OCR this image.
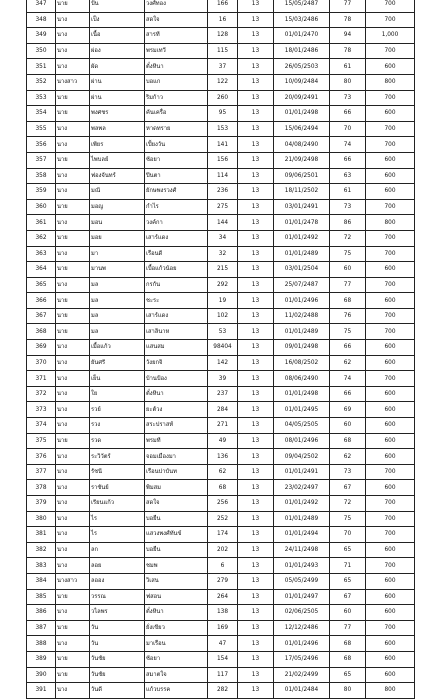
347	นาย	ปั่น	วงศ์ทอง	166	13	15/05/2487	77	700
348	นาง	เป็ง	สดใจ	16	13	15/03/2486	78	700
349	นาง	เนื้อ	สารที	128	13	01/01/2470	94	1,000
350	นาง	ผ่อง	พรมเทวี	115	13	18/01/2486	78	700
351	นาง	ผัด	ตั๋งหินา	37	13	26/05/2503	61	600
352	นางสาว	ผ่าน	บอแก	122	13	10/09/2484	80	800
353	นาย	ผ่าน	ริมก้าว	260	13	20/09/2491	73	700
354	นาย	พงศชร	คันเครื่อ	95	13	01/01/2498	66	600
355	นาง	พลพล	หาดทราย	153	13	15/06/2494	70	700
356	นาง	เพียร	เปี้ยงวัน	141	13	04/08/2490	74	700
357	นาย	ไพบลย์	ซ้อยา	156	13	21/09/2498	66	600
358	นาง	ฟองจันทร์	ปีนตา	114	13	09/06/2501	63	600
359	นาง	มณี	ยักษพงรวงศ์	236	13	18/11/2502	61	600
360	นาย	มอญ	กำไร	275	13	03/01/2491	73	700
361	นาง	มอน	วงค์กา	144	13	01/01/2478	86	800
362	นาย	มอย	เสาร์แดง	34	13	01/01/2492	72	700
363	นาง	มา	เรือนดี	32	13	01/01/2489	75	700
364	นาย	มานพ	เบื้อแก้วน้อย	215	13	03/01/2504	60	600
365	นาง	มล	กรกัน	292	13	25/07/2487	77	700
366	นาย	มล	ชะระ	19	13	01/01/2496	68	600
367	นาย	มล	เสาร์แดง	102	13	11/02/2488	76	700
368	นาย	มล	เสาลินาห	53	13	01/01/2489	75	700
369	นาง	เมื้อแก้ว	แสนสม	98404	13	09/01/2498	66	600
370	นาง	ยันศรี	วังยกจิ	142	13	16/08/2502	62	600
371	นาง	เย็น	บ้านป้อง	39	13	08/06/2490	74	700
372	นาง	ใย	ตั๋งหินา	237	13	01/01/2498	66	600
373	นาง	รวย์	ยะต้วง	284	13	01/01/2495	69	600
374	นาง	รวง	สระปราสท์	271	13	04/05/2505	60	600
375	นาย	รวด	พรมที	49	13	08/01/2496	68	600
376	นาง	ระวิวัตร์	จอมเมืองมา	136	13	09/04/2502	62	600
377	นาง	รัชนี	เรือนปาบันท	62	13	01/01/2491	73	700
378	นาง	ราชันย์	พิมสม	68	13	23/02/2497	67	600
379	นาง	เรียนแก้ว	สดใจ	256	13	01/01/2492	72	700
380	นาง	ไร	บอยืน	252	13	01/01/2489	75	700
381	นาง	ไร	แสวงพงศ์ทันข์	174	13	01/01/2494	70	700
382	นาง	ลก	บอยืน	202	13	24/11/2498	65	600
383	นาง	ลอย	ชมพ	6	13	01/01/2493	71	700
384	นางสาว	ลออง	วิเสน	279	13	05/05/2499	65	600
385	นาย	วรรณ	ฟสอน	264	13	01/01/2497	67	600
386	นาง	วไลพร	ตั๋งหินา	138	13	02/06/2505	60	600
387	นาย	วัน	ยั่งเขียว	169	13	12/12/2486	77	700
388	นาง	วัน	มาเรือน	47	13	01/01/2496	68	600
389	นาย	วันชัย	ซ้อยา	154	13	17/05/2496	68	600
390	นาย	วันชัย	สมาตใจ	117	13	21/02/2499	65	600
391	นาง	วันดี	แก้วบรรค	282	13	01/01/2484	80	800
